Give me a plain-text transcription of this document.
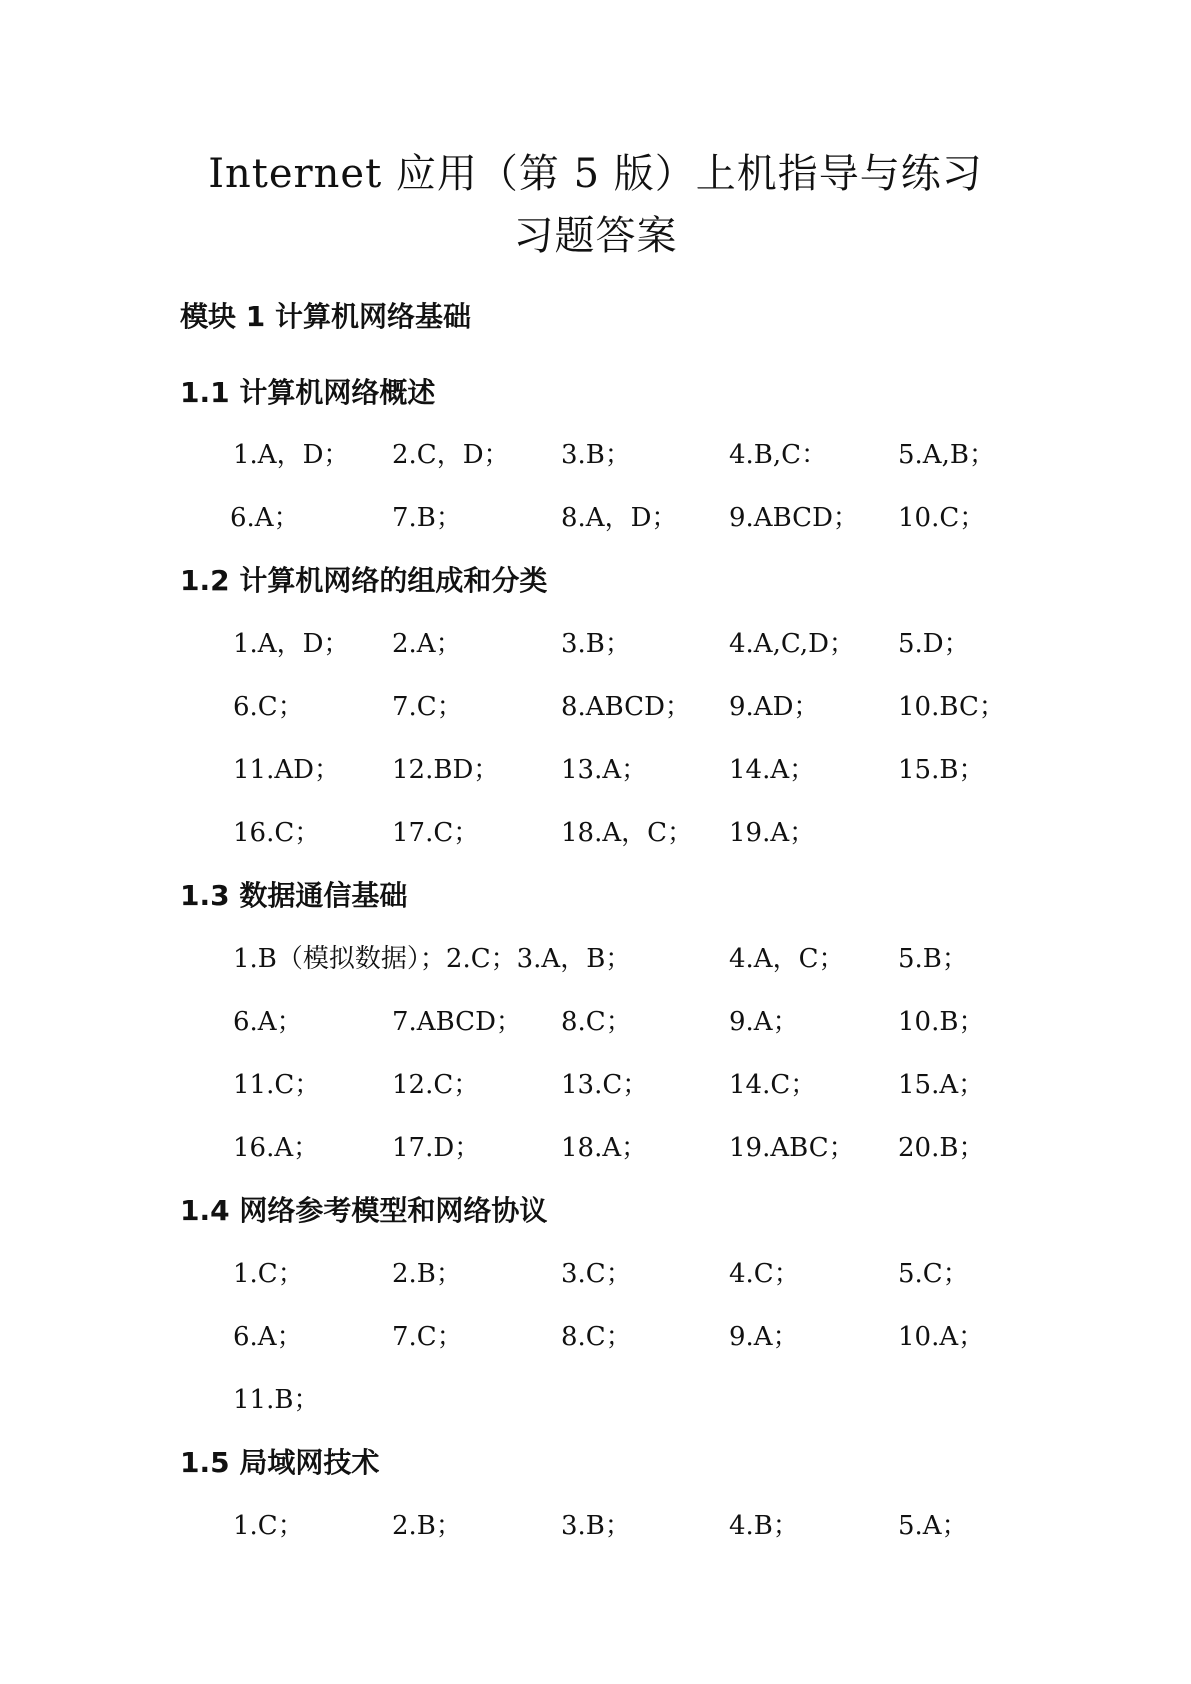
Internet 应用（第 5 版）上机指导与练习
习题答案
模块 1 计算机网络基础
1.1 计算机网络概述
1.A，D； 2.C，D； 3.B；	4.B,C：	5.A,B；
6.A；	7.B；	8.A，D； 9.ABCD； 10.C；
1.2 计算机网络的组成和分类
1.A，D； 2.A；	3.B；	4.A,C,D； 5.D；
6.C；	7.C；	8.ABCD； 9.AD；	10.BC；
11.AD； 12.BD； 13.A；	14.A；	15.B；
16.C；	17.C；	18.A，C； 19.A；
1.3 数据通信基础
1.B（模拟数据）；2.C；3.A，B；	4.A，C； 5.B；
6.A；	7.ABCD； 8.C；	9.A；	10.B；
11.C；	12.C；	13.C；	14.C；	15.A；
16.A；	17.D；	18.A；	19.ABC； 20.B；
1.4 网络参考模型和网络协议
1.C；	2.B；	3.C；	4.C；	5.C；
6.A；	7.C；	8.C；	9.A；	10.A；
11.B；
1.5 局域网技术
1.C；	2.B；	3.B；	4.B；	5.A；
